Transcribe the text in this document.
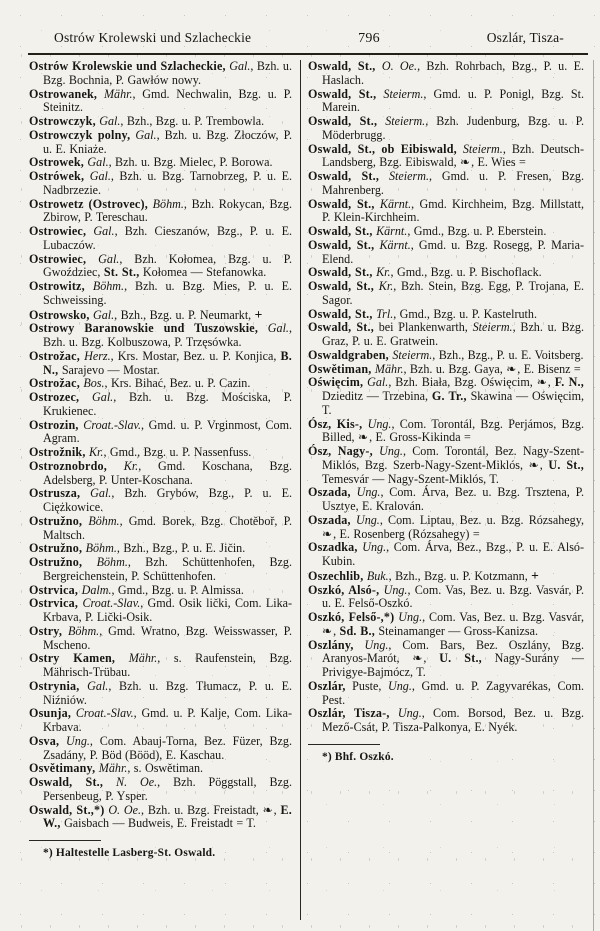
Ostrów Krolewski und Szlacheckie	796	Oszlár, Tisza-
Ostrów Krolewskie und Szlacheckie, Gal., Bzh. u. Bzg. Bochnia, P. Gawłów nowy.
Ostrowanek, Mähr., Gmd. Nechwalin, Bzg. u. P. Steinitz.
Ostrowczyk, Gal., Bzh., Bzg. u. P. Trembowla.
Ostrowczyk polny, Gal., Bzh. u. Bzg. Złoczów, P. u. E. Kniaże.
Ostrowek, Gal., Bzh. u. Bzg. Mielec, P. Borowa.
Ostrówek, Gal., Bzh. u. Bzg. Tarnobrzeg, P. u. E. Nadbrzezie.
Ostrowetz (Ostrovec), Böhm., Bzh. Rokycan, Bzg. Zbirow, P. Tereschau.
Ostrowiec, Gal., Bzh. Cieszanów, Bzg., P. u. E. Lubaczów.
Ostrowiec, Gal., Bzh. Kołomea, Bzg. u. P. Gwoździec, St. St., Kołomea — Stefanowka.
Ostrowitz, Böhm., Bzh. u. Bzg. Mies, P. u. E. Schweissing.
Ostrowsko, Gal., Bzh., Bzg. u. P. Neumarkt, +
Ostrowy Baranowskie und Tuszowskie, Gal., Bzh. u. Bzg. Kolbuszowa, P. Trzęsówka.
Ostrožac, Herz., Krs. Mostar, Bez. u. P. Konjica, B. N., Sarajevo — Mostar.
Ostrožac, Bos., Krs. Bihać, Bez. u. P. Cazin.
Ostrozec, Gal., Bzh. u. Bzg. Mościska, P. Krukienec.
Ostrozin, Croat.-Slav., Gmd. u. P. Vrginmost, Com. Agram.
Ostrožnik, Kr., Gmd., Bzg. u. P. Nassenfuss.
Ostroznobrdo, Kr., Gmd. Koschana, Bzg. Adelsberg, P. Unter-Koschana.
Ostrusza, Gal., Bzh. Grybów, Bzg., P. u. E. Ciężkowice.
Ostružno, Böhm., Gmd. Borek, Bzg. Chotěboř, P. Maltsch.
Ostružno, Böhm., Bzh., Bzg., P. u. E. Jičin.
Ostružno, Böhm., Bzh. Schüttenhofen, Bzg. Bergreichenstein, P. Schüttenhofen.
Ostrvica, Dalm., Gmd., Bzg. u. P. Almissa.
Ostrvica, Croat.-Slav., Gmd. Osik lički, Com. Lika-Krbava, P. Lički-Osik.
Ostry, Böhm., Gmd. Wratno, Bzg. Weisswasser, P. Mscheno.
Ostry Kamen, Mähr., s. Raufenstein, Bzg. Mährisch-Trübau.
Ostrynia, Gal., Bzh. u. Bzg. Tłumacz, P. u. E. Niźniów.
Osunja, Croat.-Slav., Gmd. u. P. Kalje, Com. Lika-Krbava.
Osva, Ung., Com. Abauj-Torna, Bez. Füzer, Bzg. Zsadány, P. Böd (Bööd), E. Kaschau.
Osvětimany, Mähr., s. Oswětiman.
Oswald, St., N. Oe., Bzh. Pöggstall, Bzg. Persenbeug, P. Ysper.
Oswald, St.,*) O. Oe., Bzh. u. Bzg. Freistadt, ❧, E. W., Gaisbach — Budweis, E. Freistadt = T.
*) Haltestelle Lasberg-St. Oswald.
Oswald, St., O. Oe., Bzh. Rohrbach, Bzg., P. u. E. Haslach.
Oswald, St., Steierm., Gmd. u. P. Ponigl, Bzg. St. Marein.
Oswald, St., Steierm., Bzh. Judenburg, Bzg. u. P. Möderbrugg.
Oswald, St., ob Eibiswald, Steierm., Bzh. Deutsch-Landsberg, Bzg. Eibiswald, ❧, E. Wies =
Oswald, St., Steierm., Gmd. u. P. Fresen, Bzg. Mahrenberg.
Oswald, St., Kärnt., Gmd. Kirchheim, Bzg. Millstatt, P. Klein-Kirchheim.
Oswald, St., Kärnt., Gmd., Bzg. u. P. Eberstein.
Oswald, St., Kärnt., Gmd. u. Bzg. Rosegg, P. Maria-Elend.
Oswald, St., Kr., Gmd., Bzg. u. P. Bischoflack.
Oswald, St., Kr., Bzh. Stein, Bzg. Egg, P. Trojana, E. Sagor.
Oswald, St., Trl., Gmd., Bzg. u. P. Kastelruth.
Oswald, St., bei Plankenwarth, Steierm., Bzh. u. Bzg. Graz, P. u. E. Gratwein.
Oswaldgraben, Steierm., Bzh., Bzg., P. u. E. Voitsberg.
Oswětiman, Mähr., Bzh. u. Bzg. Gaya, ❧, E. Bisenz =
Oświęcim, Gal., Bzh. Biała, Bzg. Oświęcim, ❧, F. N., Dzieditz — Trzebina, G. Tr., Skawina — Oświęcim, T.
Ósz, Kis-, Ung., Com. Torontál, Bzg. Perjámos, Bzg. Billed, ❧, E. Gross-Kikinda =
Ósz, Nagy-, Ung., Com. Torontál, Bez. Nagy-Szent-Miklós, Bzg. Szerb-Nagy-Szent-Miklós, ❧, U. St., Temesvár — Nagy-Szent-Miklós, T.
Oszada, Ung., Com. Árva, Bez. u. Bzg. Trsztena, P. Usztye, E. Kralován.
Oszada, Ung., Com. Liptau, Bez. u. Bzg. Rózsahegy, ❧, E. Rosenberg (Rózsahegy) =
Oszadka, Ung., Com. Árva, Bez., Bzg., P. u. E. Alsó-Kubin.
Oszechlib, Buk., Bzh., Bzg. u. P. Kotzmann, +
Oszkó, Alsó-, Ung., Com. Vas, Bez. u. Bzg. Vasvár, P. u. E. Felső-Oszkó.
Oszkó, Felső-,*) Ung., Com. Vas, Bez. u. Bzg. Vasvár, ❧, Sd. B., Steinamanger — Gross-Kanizsa.
Oszlány, Ung., Com. Bars, Bez. Oszlány, Bzg. Aranyos-Marót, ❧, U. St., Nagy-Surány — Privigye-Bajmócz, T.
Oszlár, Puste, Ung., Gmd. u. P. Zagyvarékas, Com. Pest.
Oszlár, Tisza-, Ung., Com. Borsod, Bez. u. Bzg. Mező-Csát, P. Tisza-Palkonya, E. Nyék.
*) Bhf. Oszkó.
